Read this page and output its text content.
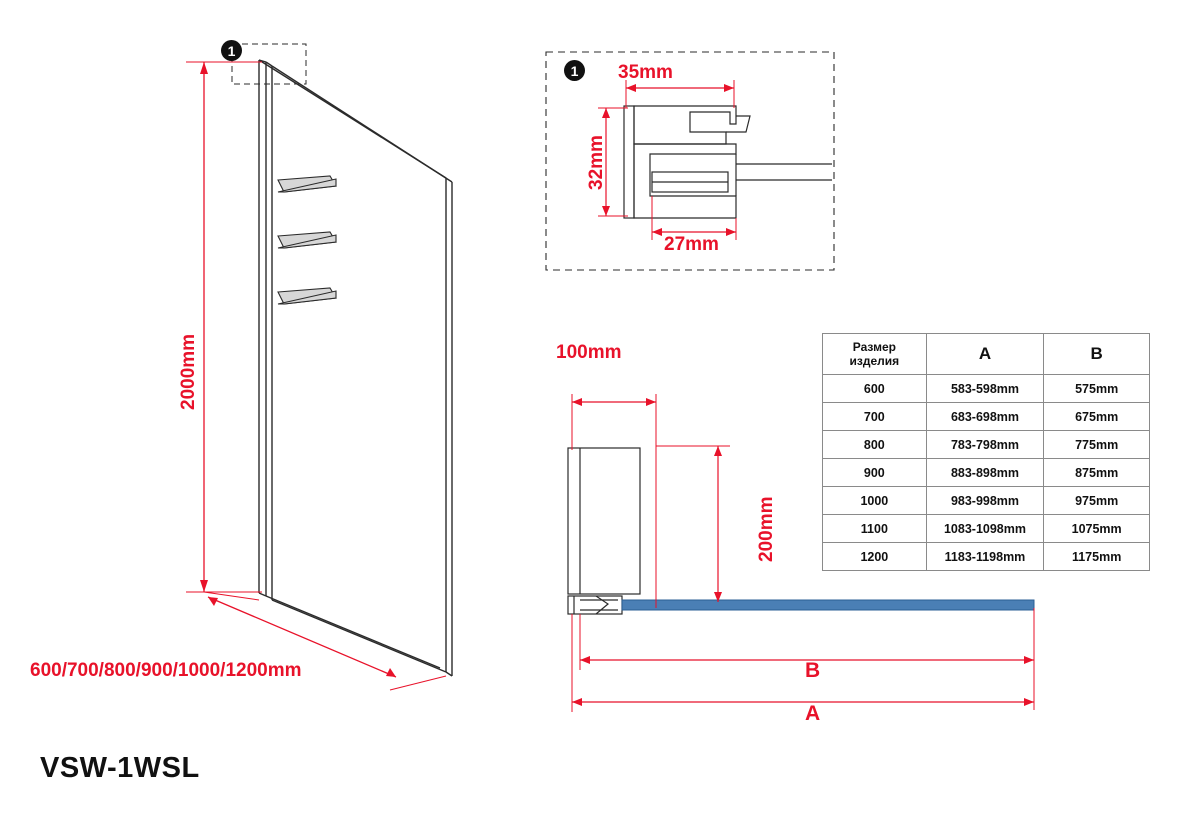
2000mm
600/700/800/900/1000/1200mm
1
1	35mm
32mm
27mm
100mm
200mm
B
A
Размер
изделия	A	B
600	583-598mm	575mm
700	683-698mm	675mm
800	783-798mm	775mm
900	883-898mm	875mm
1000	983-998mm	975mm
1100	1083-1098mm	1075mm
1200	1183-1198mm	1175mm
VSW-1WSL
